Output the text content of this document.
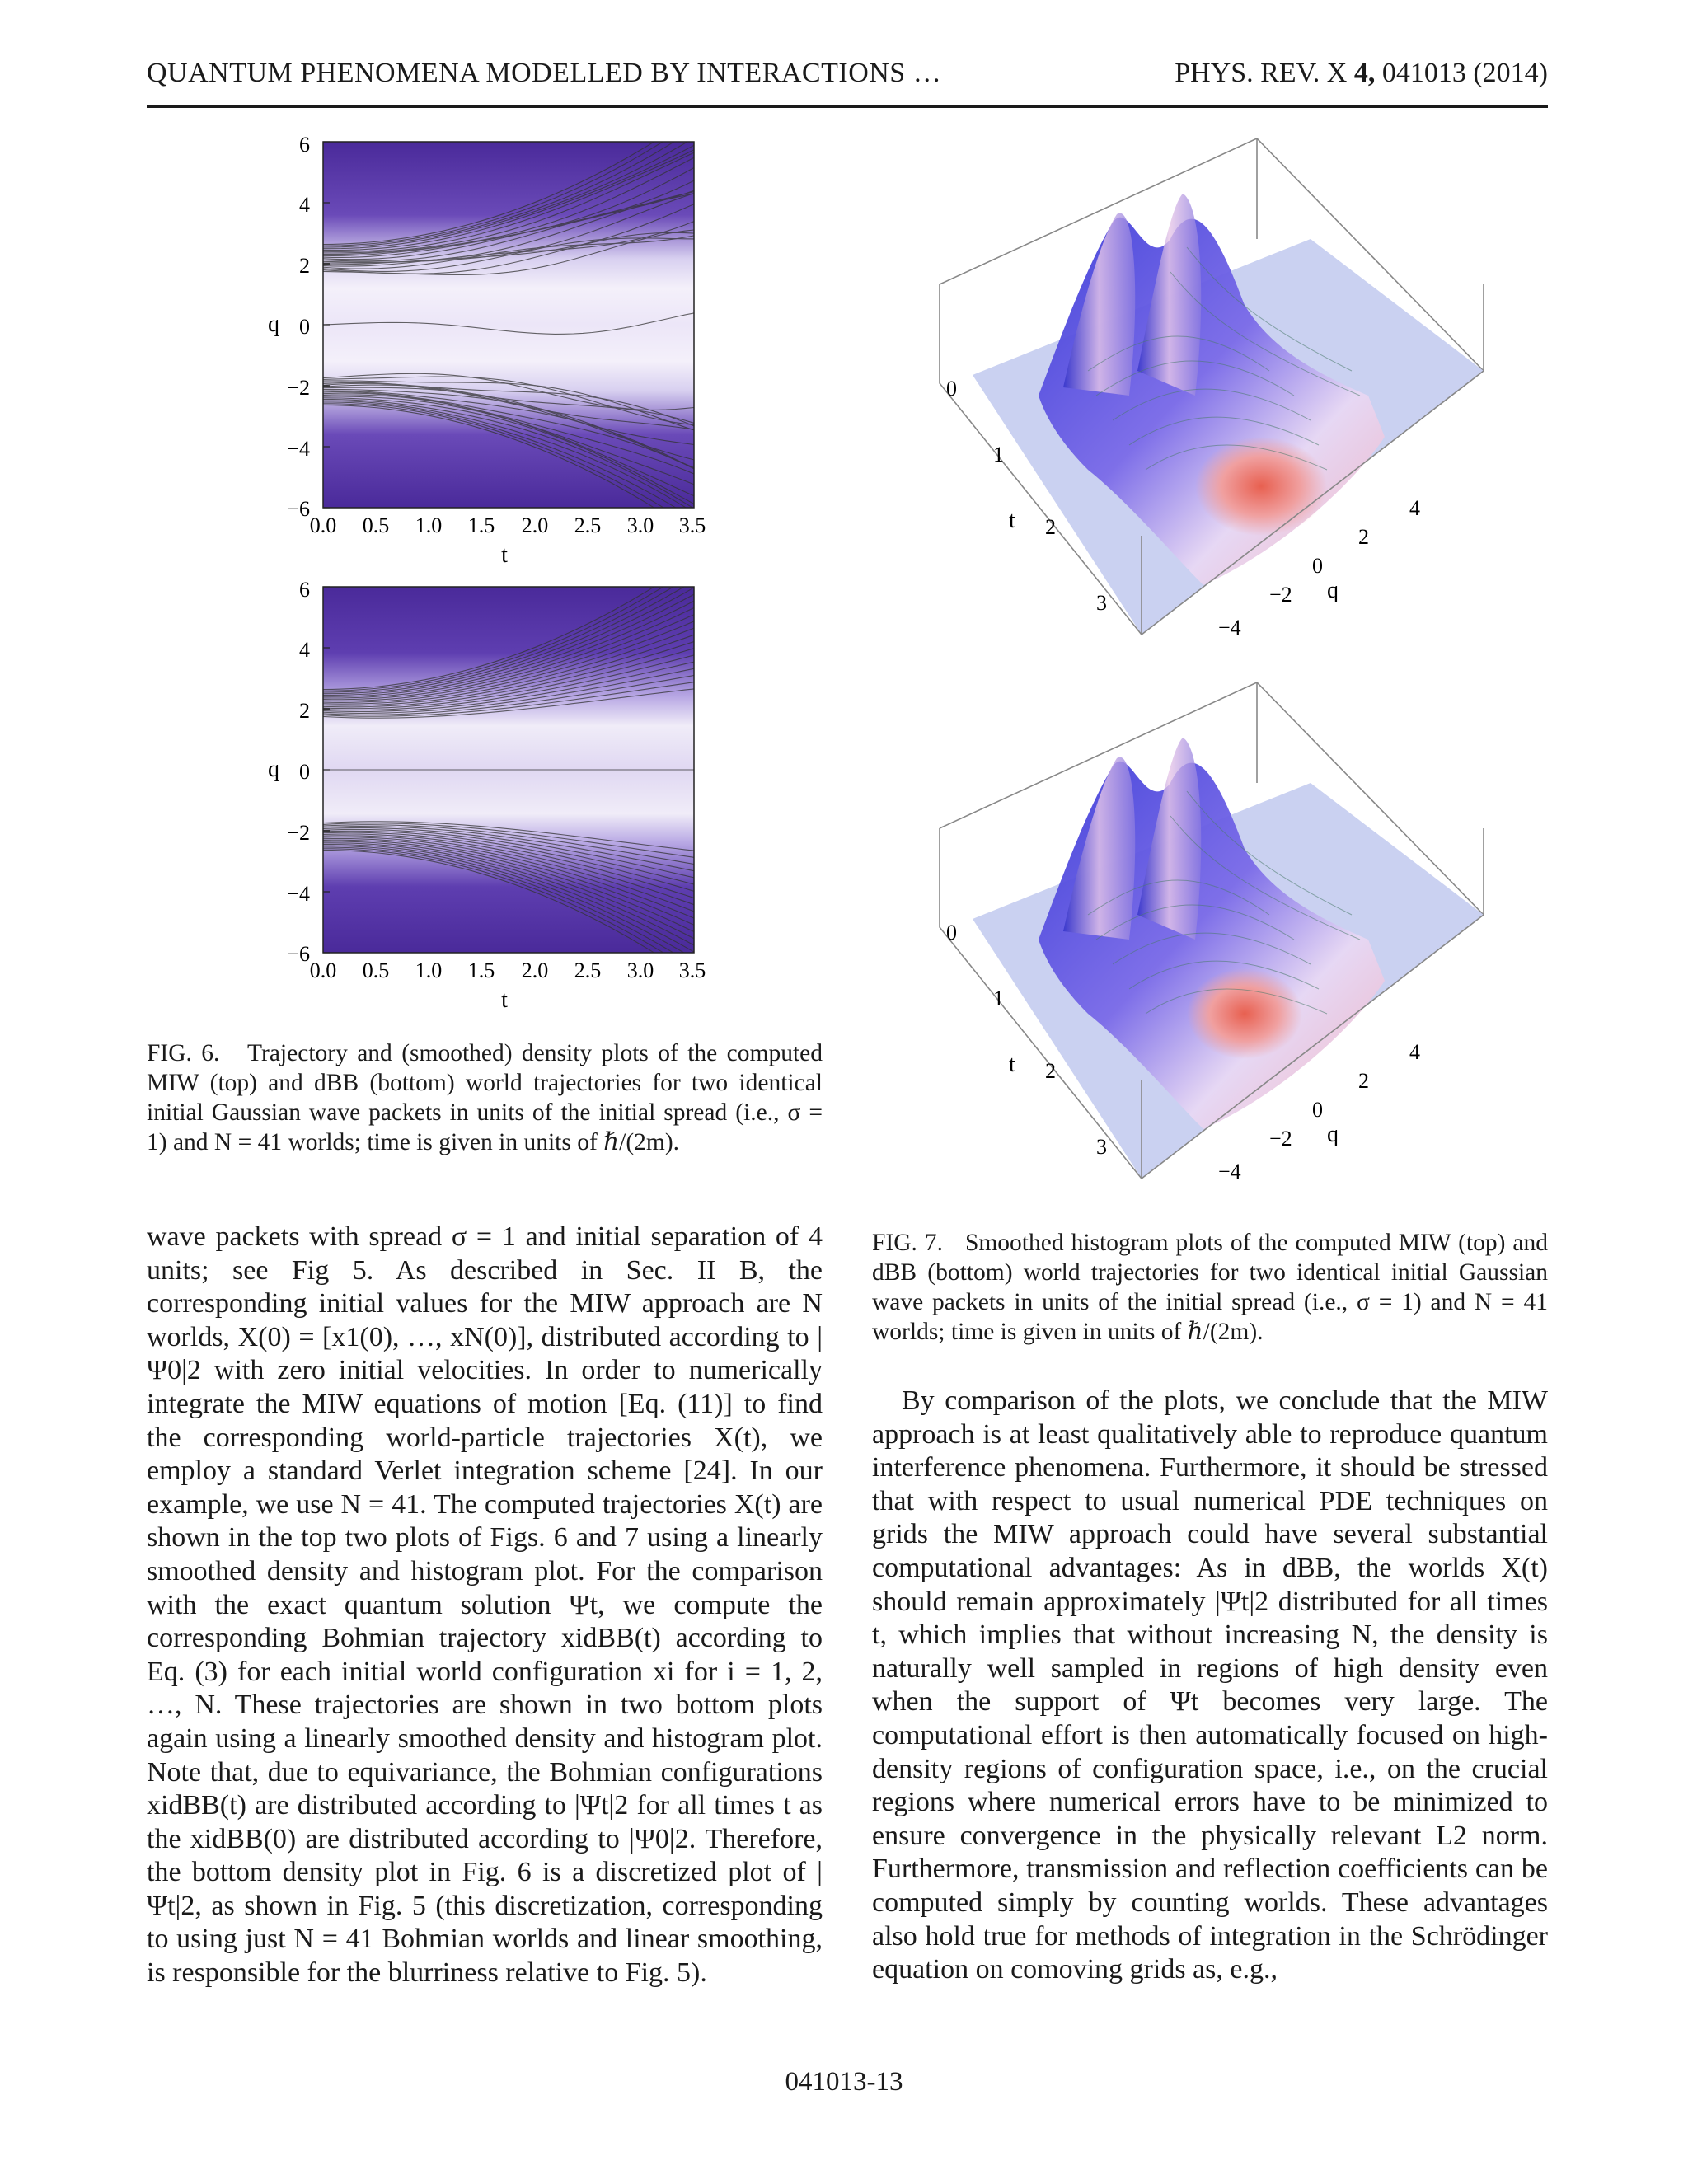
QUANTUM PHENOMENA MODELLED BY INTERACTIONS …	PHYS. REV. X 4, 041013 (2014)
6
4
2
0
−2
−4
−6
0.0 0.5 1.0 1.5 2.0 2.5 3.0 3.5
q
t
6
4
2
0
−2
−4
−6
0.0 0.5 1.0 1.5 2.0 2.5 3.0 3.5
q
t

FIG. 6. Trajectory and (smoothed) density plots of the computed MIW (top) and dBB (bottom) world trajectories for two identical initial Gaussian wave packets in units of the initial spread (i.e., σ = 1) and N = 41 worlds; time is given in units of ℏ/(2m).

0
1
2
3
t	4
2
0
−2
−4
q
0
1
2
3
t	4
2
0
−2
−4
q

FIG. 7. Smoothed histogram plots of the computed MIW (top) and dBB (bottom) world trajectories for two identical initial Gaussian wave packets in units of the initial spread (i.e., σ = 1) and N = 41 worlds; time is given in units of ℏ/(2m).

wave packets with spread σ = 1 and initial separation of 4 units; see Fig 5. As described in Sec. II B, the corresponding initial values for the MIW approach are N worlds, X(0) = [x1(0), …, xN(0)], distributed according to |Ψ0|2 with zero initial velocities. In order to numerically integrate the MIW equations of motion [Eq. (11)] to find the corresponding world-particle trajectories X(t), we employ a standard Verlet integration scheme [24]. In our example, we use N = 41. The computed trajectories X(t) are shown in the top two plots of Figs. 6 and 7 using a linearly smoothed density and histogram plot. For the comparison with the exact quantum solution Ψt, we compute the corresponding Bohmian trajectory xidBB(t) according to Eq. (3) for each initial world configuration xi for i = 1, 2, …, N. These trajectories are shown in two bottom plots again using a linearly smoothed density and histogram plot. Note that, due to equivariance, the Bohmian configurations xidBB(t) are distributed according to |Ψt|2 for all times t as the xidBB(0) are distributed according to |Ψ0|2. Therefore, the bottom density plot in Fig. 6 is a discretized plot of |Ψt|2, as shown in Fig. 5 (this discretization, corresponding to using just N = 41 Bohmian worlds and linear smoothing, is responsible for the blurriness relative to Fig. 5).

By comparison of the plots, we conclude that the MIW approach is at least qualitatively able to reproduce quantum interference phenomena. Furthermore, it should be stressed that with respect to usual numerical PDE techniques on grids the MIW approach could have several substantial computational advantages: As in dBB, the worlds X(t) should remain approximately |Ψt|2 distributed for all times t, which implies that without increasing N, the density is naturally well sampled in regions of high density even when the support of Ψt becomes very large. The computational effort is then automatically focused on high-density regions of configuration space, i.e., on the crucial regions where numerical errors have to be minimized to ensure convergence in the physically relevant L2 norm. Furthermore, transmission and reflection coefficients can be computed simply by counting worlds. These advantages also hold true for methods of integration in the Schrödinger equation on comoving grids as, e.g.,

041013-13
